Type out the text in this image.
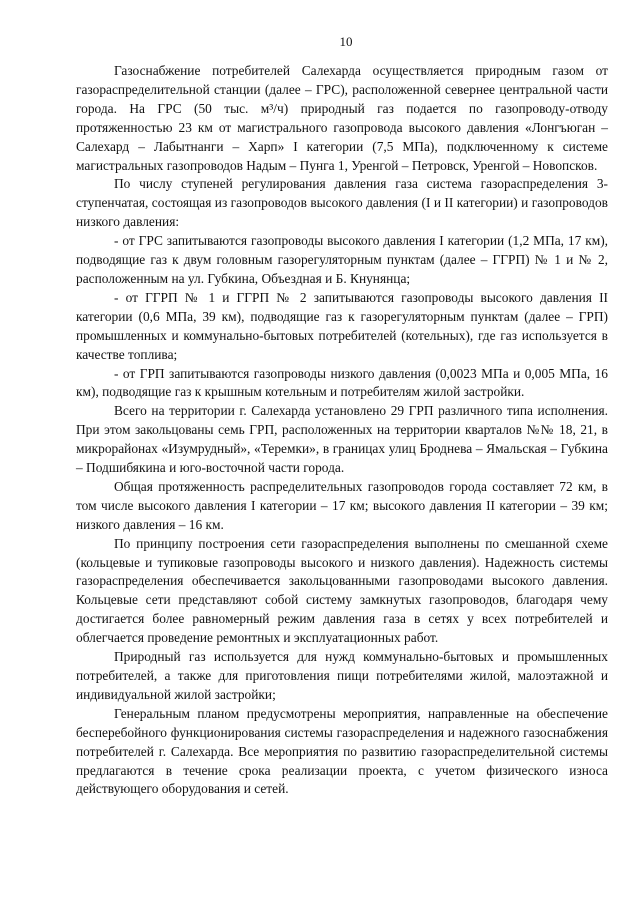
10

Газоснабжение потребителей Салехарда осуществляется природным газом от газораспределительной станции (далее – ГРС), расположенной севернее центральной части города. На ГРС (50 тыс. м³/ч) природный газ подается по газопроводу-отводу протяженностью 23 км от магистрального газопровода высокого давления «Лонгъюган – Салехард – Лабытнанги – Харп» I категории (7,5 МПа), подключенному к системе магистральных газопроводов Надым – Пунга 1, Уренгой – Петровск, Уренгой – Новопсков.

По числу ступеней регулирования давления газа система газораспределения 3-ступенчатая, состоящая из газопроводов высокого давления (I и II категории) и газопроводов низкого давления:

- от ГРС запитываются газопроводы высокого давления I категории (1,2 МПа, 17 км), подводящие газ к двум головным газорегуляторным пунктам (далее – ГГРП) № 1 и № 2, расположенным на ул. Губкина, Объездная и Б. Кнунянца;

- от ГГРП № 1 и ГГРП № 2 запитываются газопроводы высокого давления II категории (0,6 МПа, 39 км), подводящие газ к газорегуляторным пунктам (далее – ГРП) промышленных и коммунально-бытовых потребителей (котельных), где газ используется в качестве топлива;

- от ГРП запитываются газопроводы низкого давления (0,0023 МПа и 0,005 МПа, 16 км), подводящие газ к крышным котельным и потребителям жилой застройки.

Всего на территории г. Салехарда установлено 29 ГРП различного типа исполнения. При этом закольцованы семь ГРП, расположенных на территории кварталов №№ 18, 21, в микрорайонах «Изумрудный», «Теремки», в границах улиц Броднева – Ямальская – Губкина – Подшибякина и юго-восточной части города.

Общая протяженность распределительных газопроводов города составляет 72 км, в том числе высокого давления I категории – 17 км; высокого давления II категории – 39 км; низкого давления – 16 км.

По принципу построения сети газораспределения выполнены по смешанной схеме (кольцевые и тупиковые газопроводы высокого и низкого давления). Надежность системы газораспределения обеспечивается закольцованными газопроводами высокого давления. Кольцевые сети представляют собой систему замкнутых газопроводов, благодаря чему достигается более равномерный режим давления газа в сетях у всех потребителей и облегчается проведение ремонтных и эксплуатационных работ.

Природный газ используется для нужд коммунально-бытовых и промышленных потребителей, а также для приготовления пищи потребителями жилой, малоэтажной и индивидуальной жилой застройки;

Генеральным планом предусмотрены мероприятия, направленные на обеспечение бесперебойного функционирования системы газораспределения и надежного газоснабжения потребителей г. Салехарда. Все мероприятия по развитию газораспределительной системы предлагаются в течение срока реализации проекта, с учетом физического износа действующего оборудования и сетей.
